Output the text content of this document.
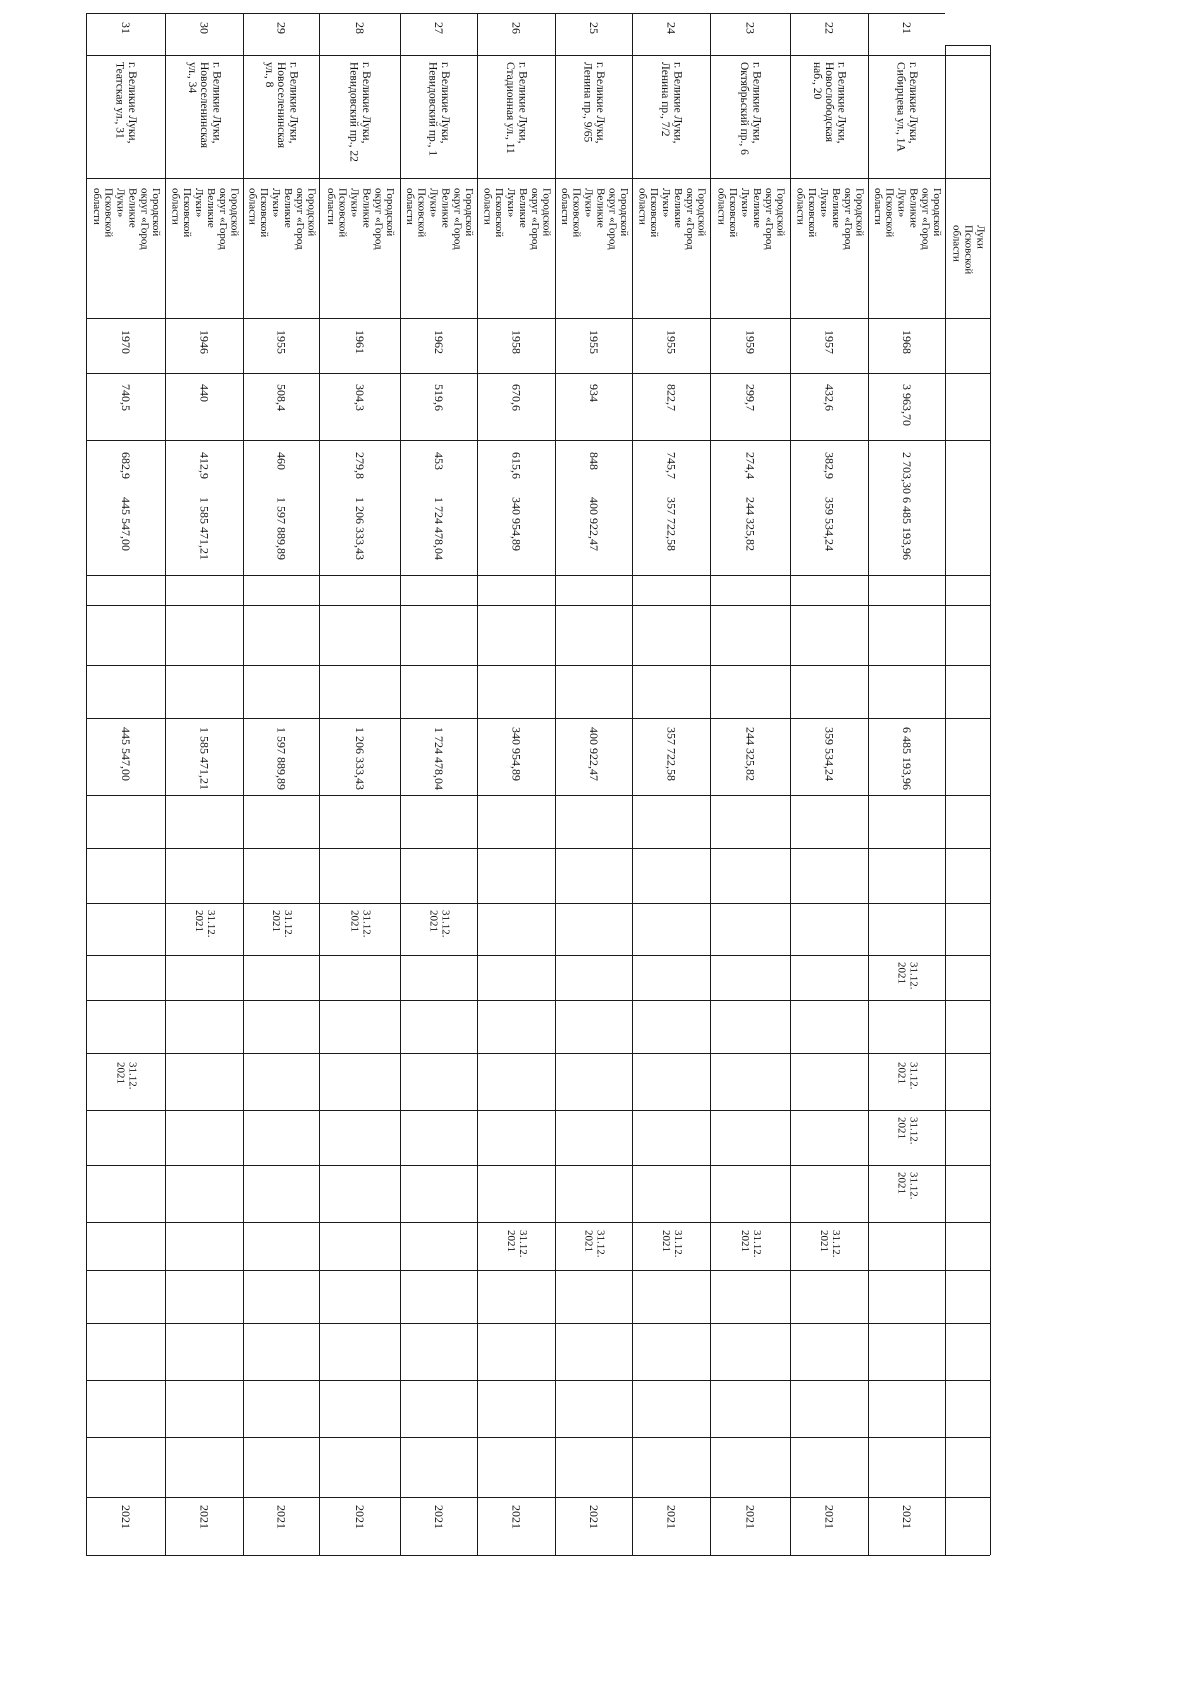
21
г. Великие Луки,
Сибирцева ул., 1А
Городской
округ «Город
Великие
Луки»
Псковской
области
1968
3 963,70
2 703,30
6 485 193,96
6 485 193,96
31.12.
2021
31.12.
2021
31.12.
2021
31.12.
2021
2021
22
г. Великие Луки,
Новослободская
наб., 20
Городской
округ «Город
Великие
Луки»
Псковской
области
1957
432,6
382,9
359 534,24
359 534,24
31.12.
2021
2021
23
г. Великие Луки,
Октябрьский пр., 6
Городской
округ «Город
Великие
Луки»
Псковской
области
1959
299,7
274,4
244 325,82
244 325,82
31.12.
2021
2021
24
г. Великие Луки,
Ленина пр., 7/2
Городской
округ «Город
Великие
Луки»
Псковской
области
1955
822,7
745,7
357 722,58
357 722,58
31.12.
2021
2021
25
г. Великие Луки,
Ленина пр., 9/65
Городской
округ «Город
Великие
Луки»
Псковской
области
1955
934
848
400 922,47
400 922,47
31.12.
2021
2021
26
г. Великие Луки,
Стадионная ул., 11
Городской
округ «Город
Великие
Луки»
Псковской
области
1958
670,6
615,6
340 954,89
340 954,89
31.12.
2021
2021
27
г. Великие Луки,
Невидовский пр., 1
Городской
округ «Город
Великие
Луки»
Псковской
области
1962
519,6
453
1 724 478,04
1 724 478,04
31.12.
2021
2021
28
г. Великие Луки,
Невидовский пр., 22
Городской
округ «Город
Великие
Луки»
Псковской
области
1961
304,3
279,8
1 206 333,43
1 206 333,43
31.12.
2021
2021
29
г. Великие Луки,
Новоселенинская
ул., 8
Городской
округ «Город
Великие
Луки»
Псковской
области
1955
508,4
460
1 597 889,89
1 597 889,89
31.12.
2021
2021
30
г. Великие Луки,
Новоселенинская
ул., 34
Городской
округ «Город
Великие
Луки»
Псковской
области
1946
440
412,9
1 585 471,21
1 585 471,21
31.12.
2021
2021
31
г. Великие Луки,
Театская ул., 31
Городской
округ «Город
Великие
Луки»
Псковской
области
1970
740,5
682,9
445 547,00
445 547,00
31.12.
2021
2021
Луки
Псковской
области
